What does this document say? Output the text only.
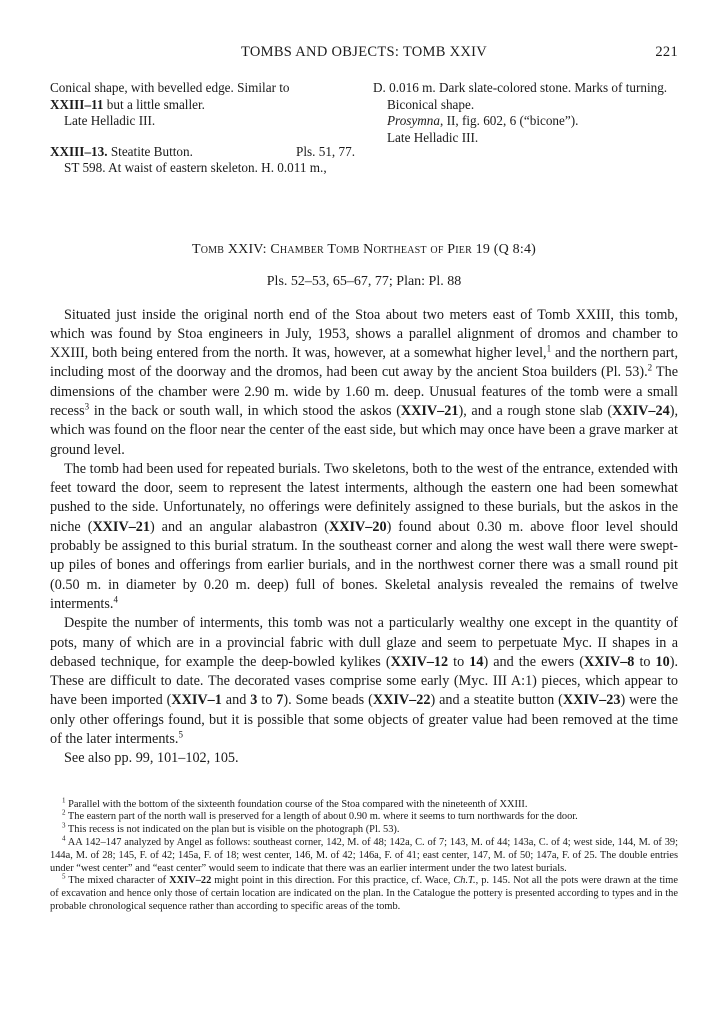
TOMBS AND OBJECTS: TOMB XXIV	221

Conical shape, with bevelled edge. Similar to
XXIII–11 but a little smaller.

Late Helladic III.

XXIII–13. Steatite Button.	Pls. 51, 77.

ST 598. At waist of eastern skeleton. H. 0.011 m.,

D. 0.016 m. Dark slate-colored stone. Marks of turning.

Biconical shape.

Prosymna, II, fig. 602, 6 (“bicone”).

Late Helladic III.

Tomb XXIV: Chamber Tomb Northeast of Pier 19 (Q 8:4)
Pls. 52–53, 65–67, 77; Plan: Pl. 88

Situated just inside the original north end of the Stoa about two meters east of Tomb XXIII, this tomb, which was found by Stoa engineers in July, 1953, shows a parallel alignment of dromos and chamber to XXIII, both being entered from the north. It was, however, at a somewhat higher level,$^1$ and the northern part, including most of the doorway and the dromos, had been cut away by the ancient Stoa builders (Pl. 53).$^2$ The dimensions of the chamber were 2.90 m. wide by 1.60 m. deep. Unusual features of the tomb were a small recess$^3$ in the back or south wall, in which stood the askos (XXIV–21), and a rough stone slab (XXIV–24), which was found on the floor near the center of the east side, but which may once have been a grave marker at ground level.

The tomb had been used for repeated burials. Two skeletons, both to the west of the entrance, extended with feet toward the door, seem to represent the latest interments, although the eastern one had been somewhat pushed to the side. Unfortunately, no offerings were definitely assigned to these burials, but the askos in the niche (XXIV–21) and an angular alabastron (XXIV–20) found about 0.30 m. above floor level should probably be assigned to this burial stratum. In the southeast corner and along the west wall there were swept-up piles of bones and offerings from earlier burials, and in the northwest corner there was a small round pit (0.50 m. in diameter by 0.20 m. deep) full of bones. Skeletal analysis revealed the remains of twelve interments.$^4$

Despite the number of interments, this tomb was not a particularly wealthy one except in the quantity of pots, many of which are in a provincial fabric with dull glaze and seem to perpetuate Myc. II shapes in a debased technique, for example the deep-bowled kylikes (XXIV–12 to 14) and the ewers (XXIV–8 to 10). These are difficult to date. The decorated vases comprise some early (Myc. III A:1) pieces, which appear to have been imported (XXIV–1 and 3 to 7). Some beads (XXIV–22) and a steatite button (XXIV–23) were the only other offerings found, but it is possible that some objects of greater value had been removed at the time of the later interments.$^5$

See also pp. 99, 101–102, 105.

$^1$ Parallel with the bottom of the sixteenth foundation course of the Stoa compared with the nineteenth of XXIII.

$^2$ The eastern part of the north wall is preserved for a length of about 0.90 m. where it seems to turn northwards for the door.

$^3$ This recess is not indicated on the plan but is visible on the photograph (Pl. 53).

$^4$ AA 142–147 analyzed by Angel as follows: southeast corner, 142, M. of 48; 142a, C. of 7; 143, M. of 44; 143a, C. of 4; west side, 144, M. of 39; 144a, M. of 28; 145, F. of 42; 145a, F. of 18; west center, 146, M. of 42; 146a, F. of 41; east center, 147, M. of 50; 147a, F. of 25. The double entries under “west center” and “east center” would seem to indicate that there was an earlier interment under the two latest burials.

$^5$ The mixed character of XXIV–22 might point in this direction. For this practice, cf. Wace, Ch.T., p. 145. Not all the pots were drawn at the time of excavation and hence only those of certain location are indicated on the plan. In the Catalogue the pottery is presented according to types and in the probable chronological sequence rather than according to specific areas of the tomb.
